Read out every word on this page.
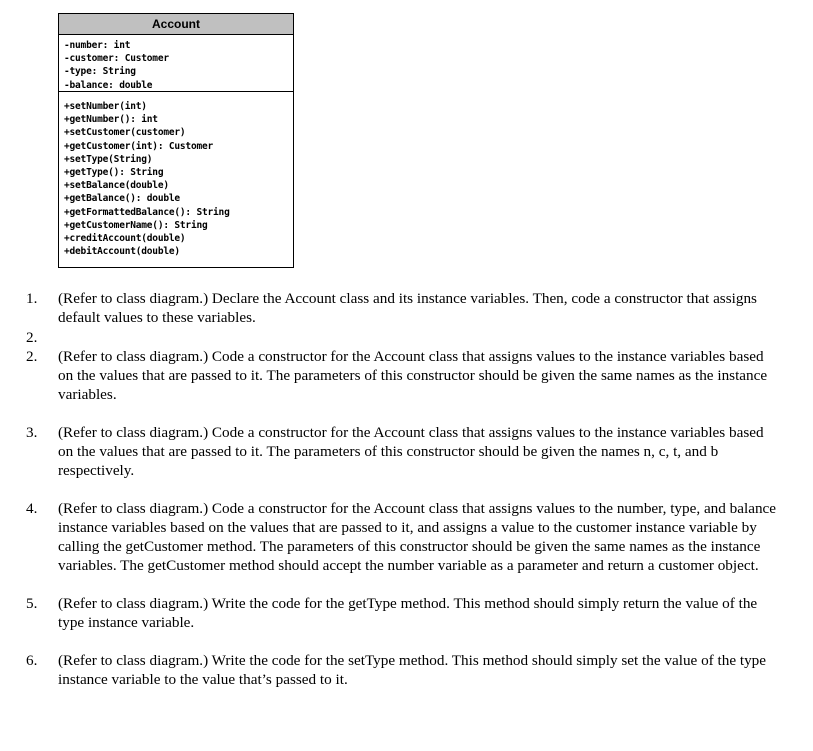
Account
-number: int
-customer: Customer
-type: String
-balance: double
+setNumber(int)
+getNumber(): int
+setCustomer(customer)
+getCustomer(int): Customer
+setType(String)
+getType(): String
+setBalance(double)
+getBalance(): double
+getFormattedBalance(): String
+getCustomerName(): String
+creditAccount(double)
+debitAccount(double)
1.	(Refer to class diagram.) Declare the Account class and its instance variables. Then, code a constructor that assigns default values to these variables.
2.
2.	(Refer to class diagram.) Code a constructor for the Account class that assigns values to the instance variables based on the values that are passed to it. The parameters of this constructor should be given the same names as the instance variables.
3.	(Refer to class diagram.) Code a constructor for the Account class that assigns values to the instance variables based on the values that are passed to it. The parameters of this constructor should be given the names n, c, t, and b respectively.
4.	(Refer to class diagram.) Code a constructor for the Account class that assigns values to the number, type, and balance instance variables based on the values that are passed to it, and assigns a value to the customer instance variable by calling the getCustomer method. The parameters of this constructor should be given the same names as the instance variables. The getCustomer method should accept the number variable as a parameter and return a customer object.
5.	(Refer to class diagram.) Write the code for the getType method. This method should simply return the value of the type instance variable.
6.	(Refer to class diagram.) Write the code for the setType method. This method should simply set the value of the type instance variable to the value that’s passed to it.
